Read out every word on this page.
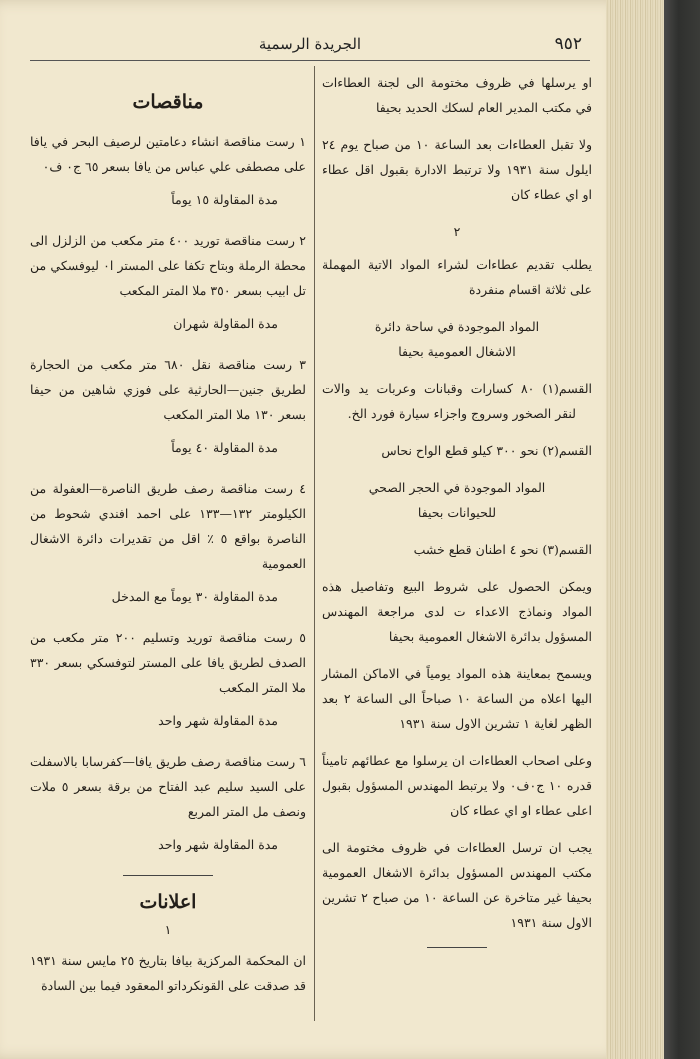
٩٥٢
الجريدة الرسمية

او يرسلها في ظروف مختومة الى لجنة العطاءات في مكتب المدير العام لسكك الحديد بحيفا

ولا تقبل العطاءات بعد الساعة ١٠ من صباح يوم ٢٤ ايلول سنة ١٩٣١ ولا ترتبط الادارة بقبول اقل عطاء او اي عطاء كان

٢

يطلب تقديم عطاءات لشراء المواد الاتية المهملة على ثلاثة اقسام منفردة

المواد الموجودة في ساحة دائرة
الاشغال العمومية بحيفا

القسم(١) ٨٠ كسارات وقبانات وعربات يد والات لنقر الصخور وسروج واجزاء سيارة فورد الخ.

القسم(٢) نحو ٣٠٠ كيلو قطع الواح نحاس

المواد الموجودة في الحجر الصحي
للحيوانات بحيفا

القسم(٣) نحو ٤ اطنان قطع خشب

ويمكن الحصول على شروط البيع وتفاصيل هذه المواد ونماذج الاعداء ت لدى مراجعة المهندس المسؤول بدائرة الاشغال العمومية بحيفا

ويسمح بمعاينة هذه المواد يومياً في الاماكن المشار اليها اعلاه من الساعة ١٠ صباحاً الى الساعة ٢ بعد الظهر لغاية ١ تشرين الاول سنة ١٩٣١

وعلى اصحاب العطاءات ان يرسلوا مع عطائهم تاميناً قدره ١٠ ج٠ف٠ ولا يرتبط المهندس المسؤول بقبول اعلى عطاء او اي عطاء كان

يجب ان ترسل العطاءات في ظروف مختومة الى مكتب المهندس المسؤول بدائرة الاشغال العمومية بحيفا غير متاخرة عن الساعة ١٠ من صباح ٢ تشرين الاول سنة ١٩٣١

مناقصات

١ رست مناقصة انشاء دعامتين لرصيف البحر في يافا على مصطفى علي عباس من يافا بسعر ٦٥ ج٠ ف٠

مدة المقاولة ١٥ يوماً

٢ رست مناقصة توريد ٤٠٠ متر مكعب من الزلزل الى محطة الرملة وبتاح تكفا على المستر ا٠ ليوفسكي من تل ابيب بسعر ٣٥٠ ملا المتر المكعب

مدة المقاولة شهران

٣ رست مناقصة نقل ٦٨٠ متر مكعب من الحجارة لطريق جنين—الحارثية على فوزي شاهين من حيفا بسعر ١٣٠ ملا المتر المكعب

مدة المقاولة ٤٠ يوماً

٤ رست مناقصة رصف طريق الناصرة—العفولة من الكيلومتر ١٣٢—١٣٣ على احمد افندي شحوط من الناصرة بواقع ٥ ٪ اقل من تقديرات دائرة الاشغال العمومية

مدة المقاولة ٣٠ يوماً مع المدخل

٥ رست مناقصة توريد وتسليم ٢٠٠ متر مكعب من الصدف لطريق يافا على المستر لتوفسكي بسعر ٣٣٠ ملا المتر المكعب

مدة المقاولة شهر واحد

٦ رست مناقصة رصف طريق يافا—كفرسابا بالاسفلت على السيد سليم عبد الفتاح من برقة بسعر ٥ ملات ونصف مل المتر المربع

مدة المقاولة شهر واحد
اعلانات
١

ان المحكمة المركزية بيافا بتاريخ ٢٥ مايس سنة ١٩٣١ قد صدقت على القونكرداتو المعقود فيما بين السادة
